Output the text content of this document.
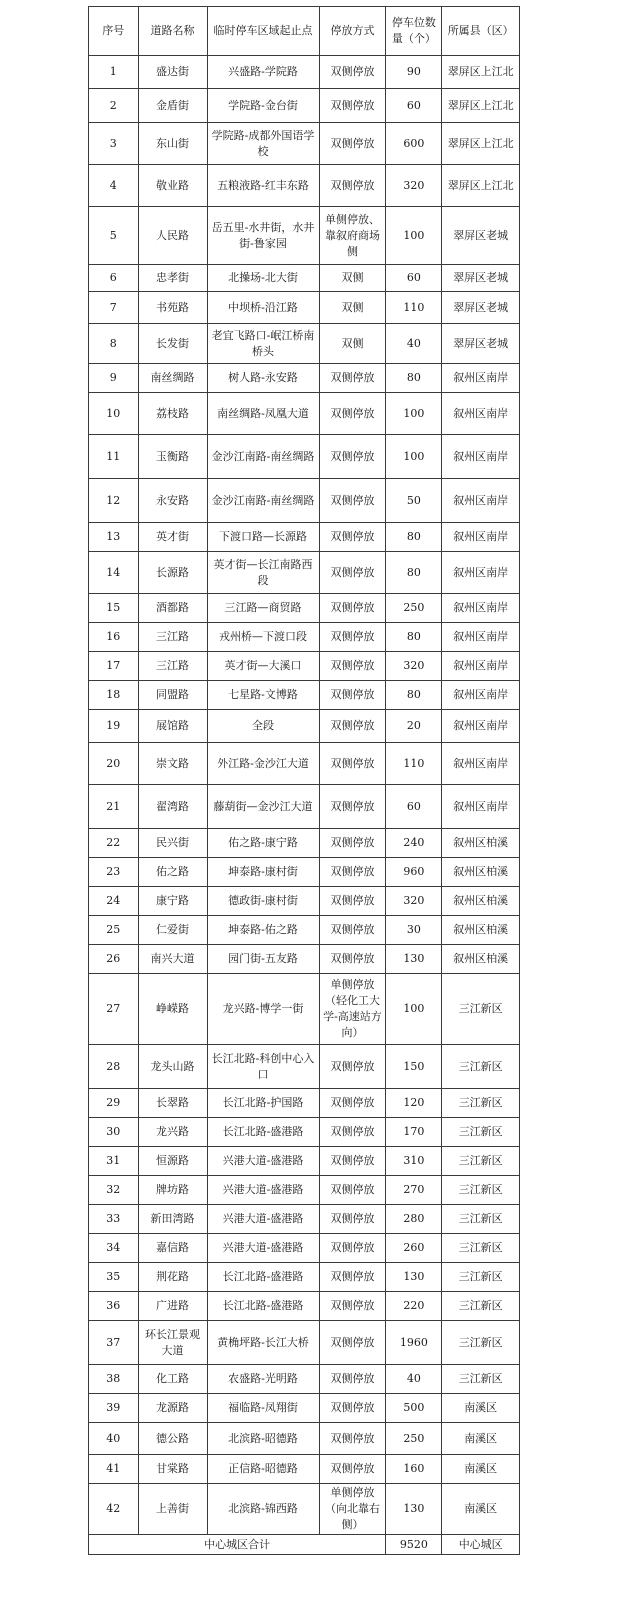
序号	道路名称	临时停车区域起止点	停放方式	停车位数量（个）	所属县（区）
1	盛达街	兴盛路-学院路	双侧停放	90	翠屏区上江北
2	金盾街	学院路-金台街	双侧停放	60	翠屏区上江北
3	东山街	学院路-成都外国语学校	双侧停放	600	翠屏区上江北
4	敬业路	五粮液路-红丰东路	双侧停放	320	翠屏区上江北
5	人民路	岳五里-水井街，水井街-鲁家园	单侧停放、靠叙府商场侧	100	翠屏区老城
6	忠孝街	北操场-北大街	双侧	60	翠屏区老城
7	书苑路	中坝桥-沿江路	双侧	110	翠屏区老城
8	长发街	老宜飞路口-岷江桥南桥头	双侧	40	翠屏区老城
9	南丝绸路	树人路-永安路	双侧停放	80	叙州区南岸
10	荔枝路	南丝绸路-凤凰大道	双侧停放	100	叙州区南岸
11	玉衡路	金沙江南路-南丝绸路	双侧停放	100	叙州区南岸
12	永安路	金沙江南路-南丝绸路	双侧停放	50	叙州区南岸
13	英才街	下渡口路—长源路	双侧停放	80	叙州区南岸
14	长源路	英才街—长江南路西段	双侧停放	80	叙州区南岸
15	酒都路	三江路—商贸路	双侧停放	250	叙州区南岸
16	三江路	戎州桥—下渡口段	双侧停放	80	叙州区南岸
17	三江路	英才街—大溪口	双侧停放	320	叙州区南岸
18	同盟路	七星路-文博路	双侧停放	80	叙州区南岸
19	展馆路	全段	双侧停放	20	叙州区南岸
20	崇文路	外江路-金沙江大道	双侧停放	110	叙州区南岸
21	翟湾路	藤葫街—金沙江大道	双侧停放	60	叙州区南岸
22	民兴街	佑之路-康宁路	双侧停放	240	叙州区柏溪
23	佑之路	坤泰路-康村街	双侧停放	960	叙州区柏溪
24	康宁路	德政街-康村街	双侧停放	320	叙州区柏溪
25	仁爱街	坤泰路-佑之路	双侧停放	30	叙州区柏溪
26	南兴大道	园门街-五友路	双侧停放	130	叙州区柏溪
27	峥嵘路	龙兴路-博学一街	单侧停放（轻化工大学-高速站方向）	100	三江新区
28	龙头山路	长江北路-科创中心入口	双侧停放	150	三江新区
29	长翠路	长江北路-护国路	双侧停放	120	三江新区
30	龙兴路	长江北路-盛港路	双侧停放	170	三江新区
31	恒源路	兴港大道-盛港路	双侧停放	310	三江新区
32	牌坊路	兴港大道-盛港路	双侧停放	270	三江新区
33	新田湾路	兴港大道-盛港路	双侧停放	280	三江新区
34	嘉信路	兴港大道-盛港路	双侧停放	260	三江新区
35	荆花路	长江北路-盛港路	双侧停放	130	三江新区
36	广进路	长江北路-盛港路	双侧停放	220	三江新区
37	环长江景观大道	黄桷坪路-长江大桥	双侧停放	1960	三江新区
38	化工路	农盛路-光明路	双侧停放	40	三江新区
39	龙源路	福临路-凤翔街	双侧停放	500	南溪区
40	德公路	北滨路-昭德路	双侧停放	250	南溪区
41	甘棠路	正信路-昭德路	双侧停放	160	南溪区
42	上善街	北滨路-锦西路	单侧停放（向北靠右侧）	130	南溪区
中心城区合计				9520	中心城区
